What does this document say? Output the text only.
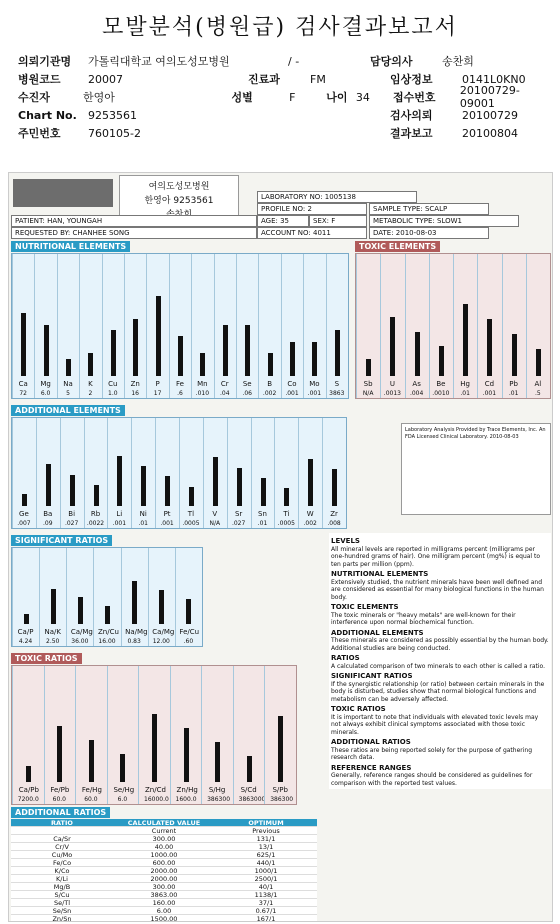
모발분석(병원급) 검사결과보고서
의뢰기관명	가톨릭대학교 여의도성모병원	/ -	담당의사	송찬희
병원코드	20007	진료과	FM	임상정보	0141L0KN0
수진자	한영아	성별	F	나이 34	접수번호
20100729-09001
Chart No.	9253561	검사의뢰	20100729
주민번호	760105-2	결과보고	20100804
여의도성모병원
한영아 9253561	LABORATORY NO: 1005138
PROFILE NO: 2	SAMPLE TYPE: SCALP
PATIENT: HAN, YOUNGAH	AGE: 35	SEX: F	METABOLIC TYPE: SLOW1
REQUESTED BY: CHANHEE SONG	ACCOUNT NO: 4011	DATE: 2010-08-03
NUTRITIONAL ELEMENTS
Ca
72
Mg
6.0
Na
5
K
2
Cu
1.0
Zn
16
P
17
Fe
.6
Mn
.010
Cr
.04
Se
.06
B
.002
Co
.001
Mo
.001
S
3863
TOXIC ELEMENTS
Sb
N/A
U
.0013
As
.004
Be
.0010
Hg
.01
Cd
.001
Pb
.01
Al
.5
ADDITIONAL ELEMENTS
Ge
.007
Ba
.09
Bi
.027
Rb
.0022
Li
.001
Ni
.01
Pt
.001
Tl
.0005
V
N/A
Sr
.027
Sn
.01
Ti
.0005
W
.002
Zr
.008
Laboratory Analysis Provided by Trace Elements, Inc. An FDA Licensed Clinical Laboratory. 2010-08-03
SIGNIFICANT RATIOS
Ca/P
4.24
Na/K
2.50
Ca/Mg
36.00
Zn/Cu
16.00
Na/Mg
0.83
Ca/Mg
12.00
Fe/Cu
.60
TOXIC RATIOS
Ca/Pb
7200.0
Fe/Pb
60.0
Fe/Hg
60.0
Se/Hg
6.0
Zn/Cd
16000.0
Zn/Hg
1600.0
S/Hg
386300
S/Cd
3863000
S/Pb
386300
ADDITIONAL RATIOS
RATIO	CALCULATED VALUE	OPTIMUM
Current	Previous
Ca/Sr	300.00	131/1
Cr/V	40.00	13/1
Cu/Mo	1000.00	625/1
Fe/Co	600.00	440/1
K/Co	2000.00	1000/1
K/Li	2000.00	2500/1
Mg/B	300.00	40/1
S/Cu	3863.00	1138/1
Se/Tl	160.00	37/1
Se/Sn	6.00	0.67/1
Zn/Sn	1500.00	167/1
LEVELS

All mineral levels are reported in milligrams percent (milligrams per one-hundred grams of hair). One milligram percent (mg%) is equal to ten parts per million (ppm).

NUTRITIONAL ELEMENTS

Extensively studied, the nutrient minerals have been well defined and are considered as essential for many biological functions in the human body.

TOXIC ELEMENTS

The toxic minerals or "heavy metals" are well-known for their interference upon normal biochemical function.

ADDITIONAL ELEMENTS

These minerals are considered as possibly essential by the human body. Additional studies are being conducted.

RATIOS

A calculated comparison of two minerals to each other is called a ratio.

SIGNIFICANT RATIOS

If the synergistic relationship (or ratio) between certain minerals in the body is disturbed, studies show that normal biological functions and metabolism can be adversely affected.

TOXIC RATIOS

It is important to note that individuals with elevated toxic levels may not always exhibit clinical symptoms associated with those toxic minerals.

ADDITIONAL RATIOS

These ratios are being reported solely for the purpose of gathering research data.

REFERENCE RANGES

Generally, reference ranges should be considered as guidelines for comparison with the reported test values.
